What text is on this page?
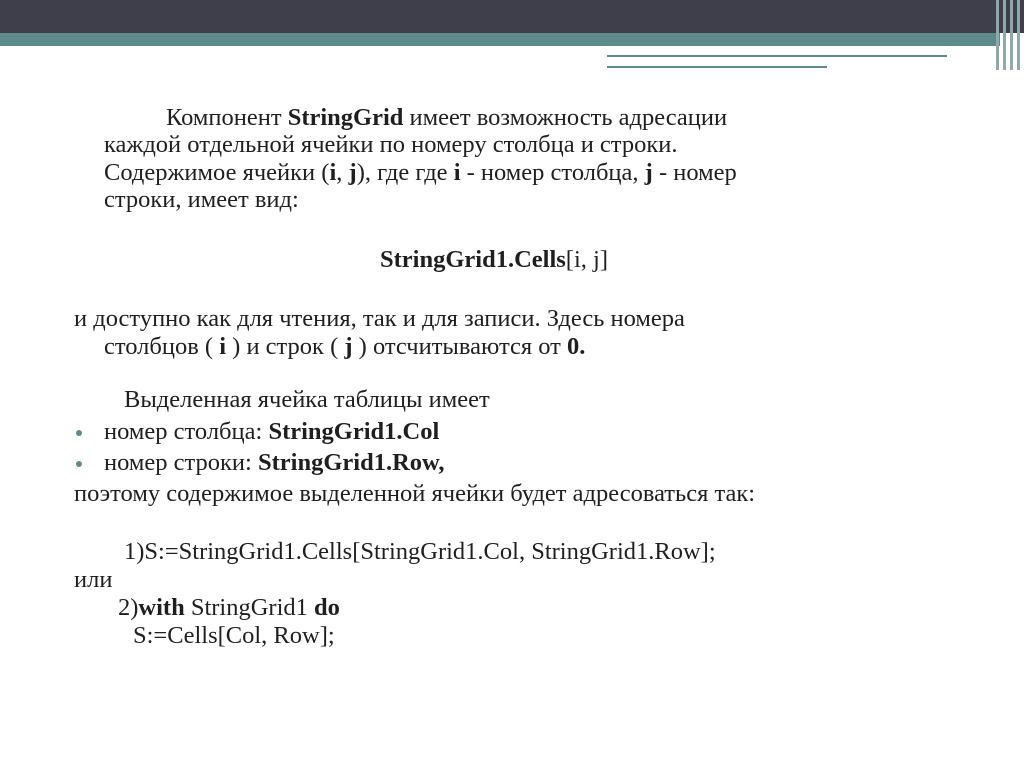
Компонент StringGrid имеет возможность адресации
каждой отдельной ячейки по номеру столбца и строки.
Содержимое ячейки (i, j), где где i - номер столбца, j - номер
строки, имеет вид:
StringGrid1.Cells[i, j]
и доступно как для чтения, так и для записи. Здесь номера
столбцов ( i ) и строк ( j ) отсчитываются от 0.
Выделенная ячейка таблицы имеет
номер столбца: StringGrid1.Col
номер строки: StringGrid1.Row,
поэтому содержимое выделенной ячейки будет адресоваться так:
1)S:=StringGrid1.Cells[StringGrid1.Col, StringGrid1.Row];
или
2)with StringGrid1 do
S:=Cells[Col, Row];
